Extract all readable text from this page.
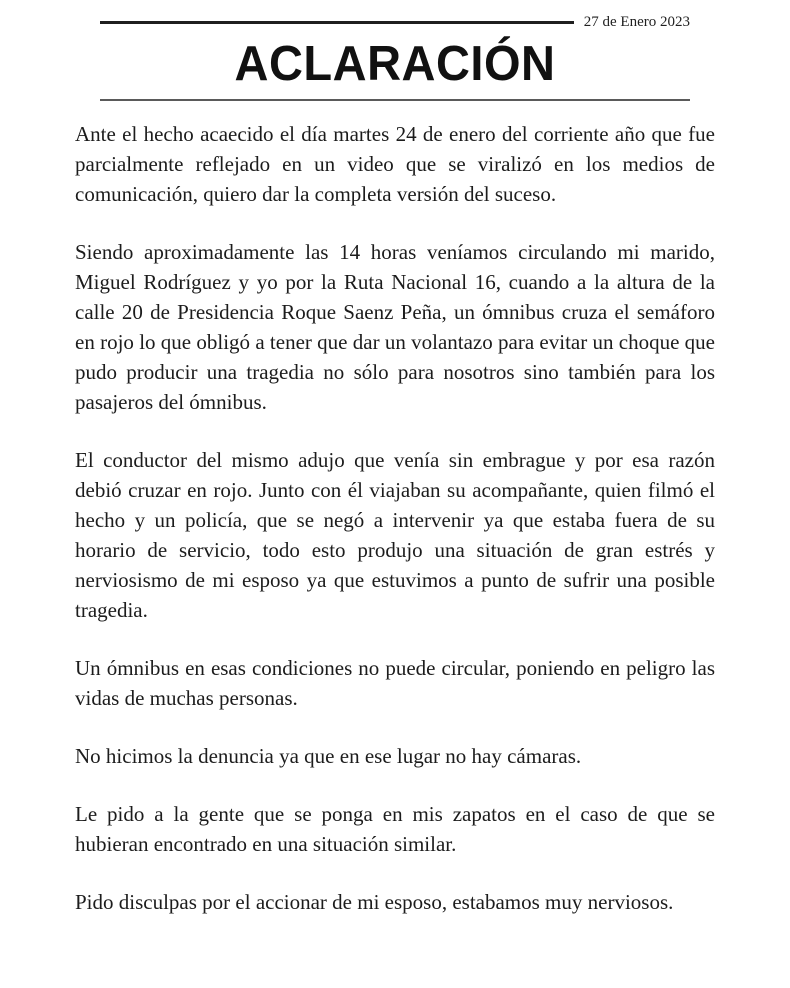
27 de Enero 2023
ACLARACIÓN

Ante el hecho acaecido el día martes 24 de enero del corriente año que fue parcialmente reflejado en un video que se viralizó en los medios de comunicación, quiero dar la completa versión del suceso.

Siendo aproximadamente las 14 horas veníamos circulando mi marido, Miguel Rodríguez y yo por la Ruta Nacional 16, cuando a la altura de la calle 20 de Presidencia Roque Saenz Peña, un ómnibus cruza el semáforo en rojo lo que obligó a tener que dar un volantazo para evitar un choque que pudo producir una tragedia no sólo para nosotros sino también para los pasajeros del ómnibus.

El conductor del mismo adujo que venía sin embrague y por esa razón debió cruzar en rojo. Junto con él viajaban su acompañante, quien filmó el hecho y un policía, que se negó a intervenir ya que estaba fuera de su horario de servicio, todo esto produjo una situación de gran estrés y nerviosismo de mi esposo ya que estuvimos a punto de sufrir una posible tragedia.

Un ómnibus en esas condiciones no puede circular, poniendo en peligro las vidas de muchas personas.

No hicimos la denuncia ya que en ese lugar no hay cámaras.

Le pido a la gente que se ponga en mis zapatos en el caso de que se hubieran encontrado en una situación similar.

Pido disculpas por el accionar de mi esposo, estabamos muy nerviosos.
